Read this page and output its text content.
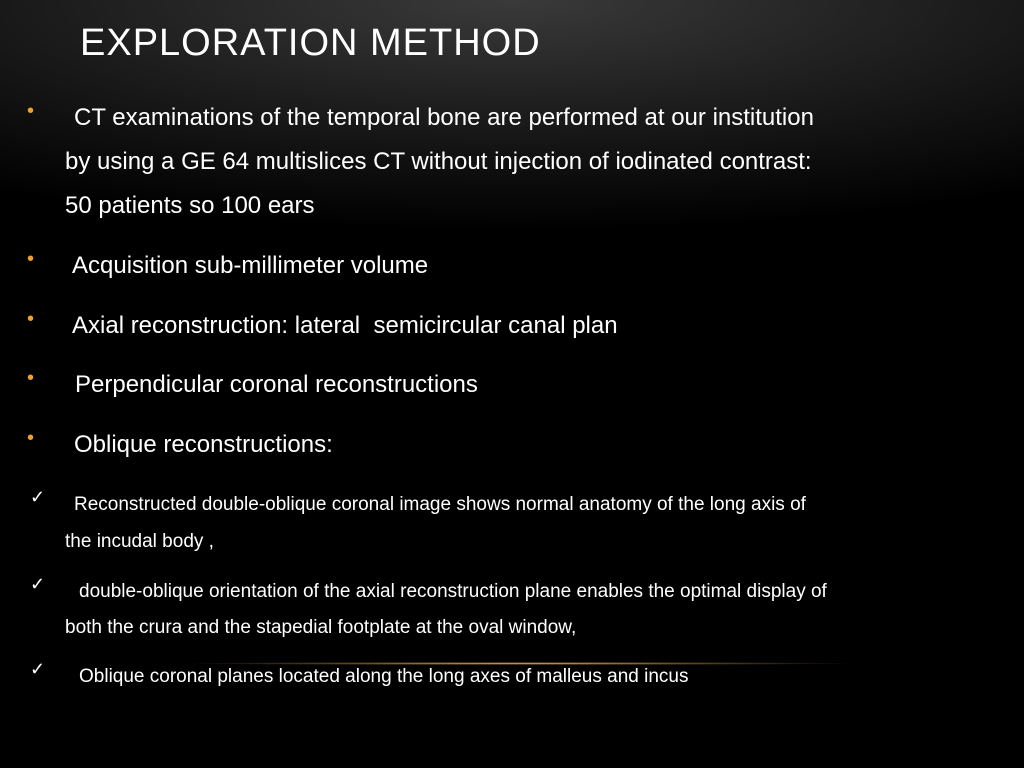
EXPLORATION METHOD
• CT examinations of the temporal bone are performed at our institution
by using a GE 64 multislices CT without injection of iodinated contrast:
50 patients so 100 ears
• Acquisition sub-millimeter volume
• Axial reconstruction: lateral  semicircular canal plan
• Perpendicular coronal reconstructions
• Oblique reconstructions:
✓ Reconstructed double-oblique coronal image shows normal anatomy of the long axis of
the incudal body ,
✓ double-oblique orientation of the axial reconstruction plane enables the optimal display of
both the crura and the stapedial footplate at the oval window,
✓ Oblique coronal planes located along the long axes of malleus and incus
